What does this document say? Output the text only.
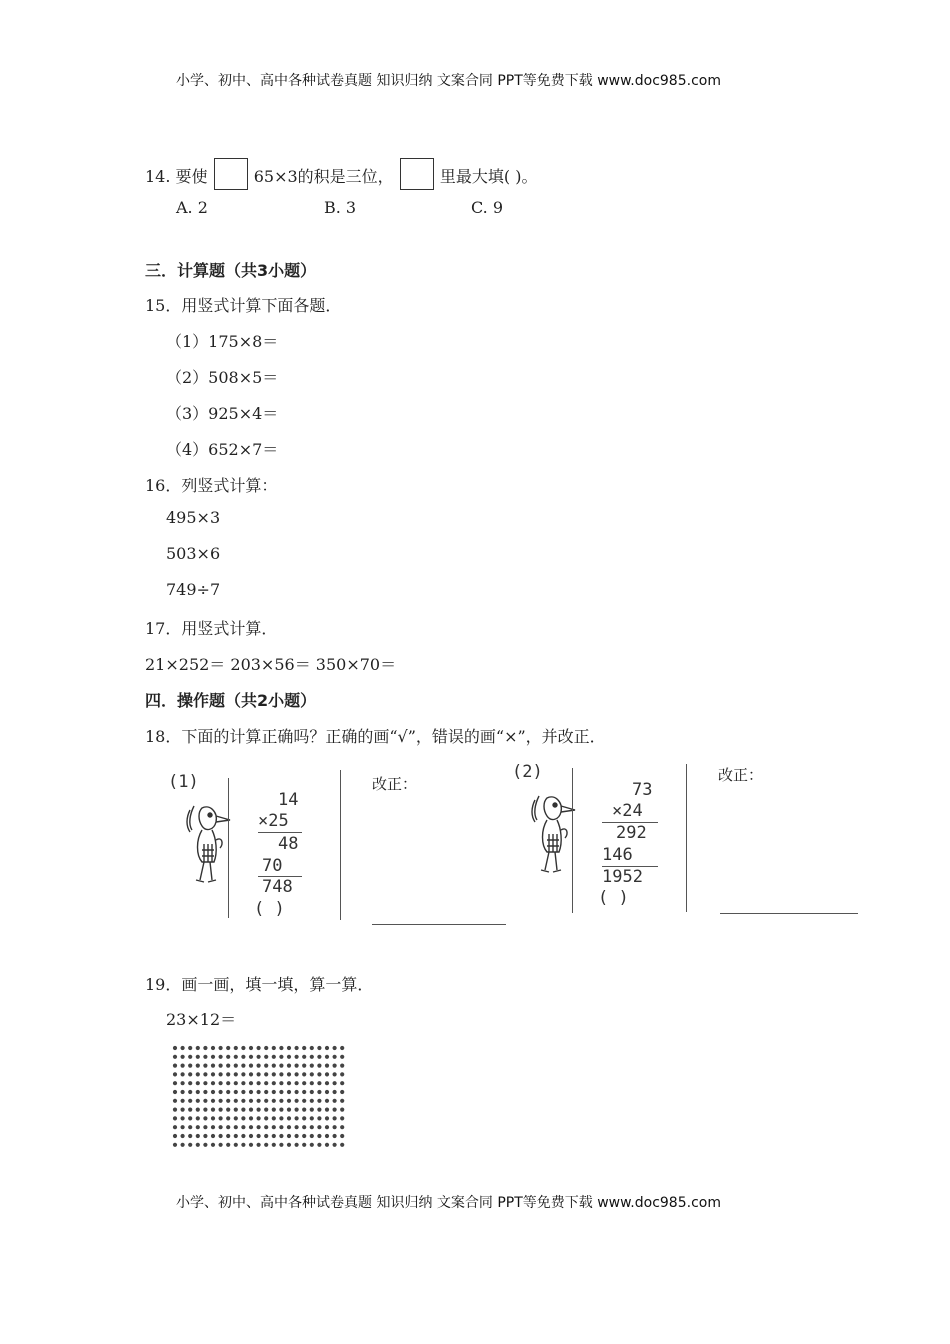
小学、初中、高中各种试卷真题 知识归纳 文案合同 PPT等免费下载 www.doc985.com
14. 要使	65×3的积是三位，	里最大填( )。
A. 2	B. 3	C. 9
三．计算题（共3小题）
15．用竖式计算下面各题．
（1）175×8＝
（2）508×5＝
（3）925×4＝
（4）652×7＝
16．列竖式计算：
495×3
503×6
749÷7
17．用竖式计算．
21×252＝ 203×56＝ 350×70＝
四．操作题（共2小题）
18．下面的计算正确吗？正确的画“√”，错误的画“×”，并改正．
(1)
14
×25
48
70
748
( )
改正：
(2)
73
×24
292
146
1952
( )
改正：
19．画一画，填一填，算一算．
23×12＝
小学、初中、高中各种试卷真题 知识归纳 文案合同 PPT等免费下载 www.doc985.com
